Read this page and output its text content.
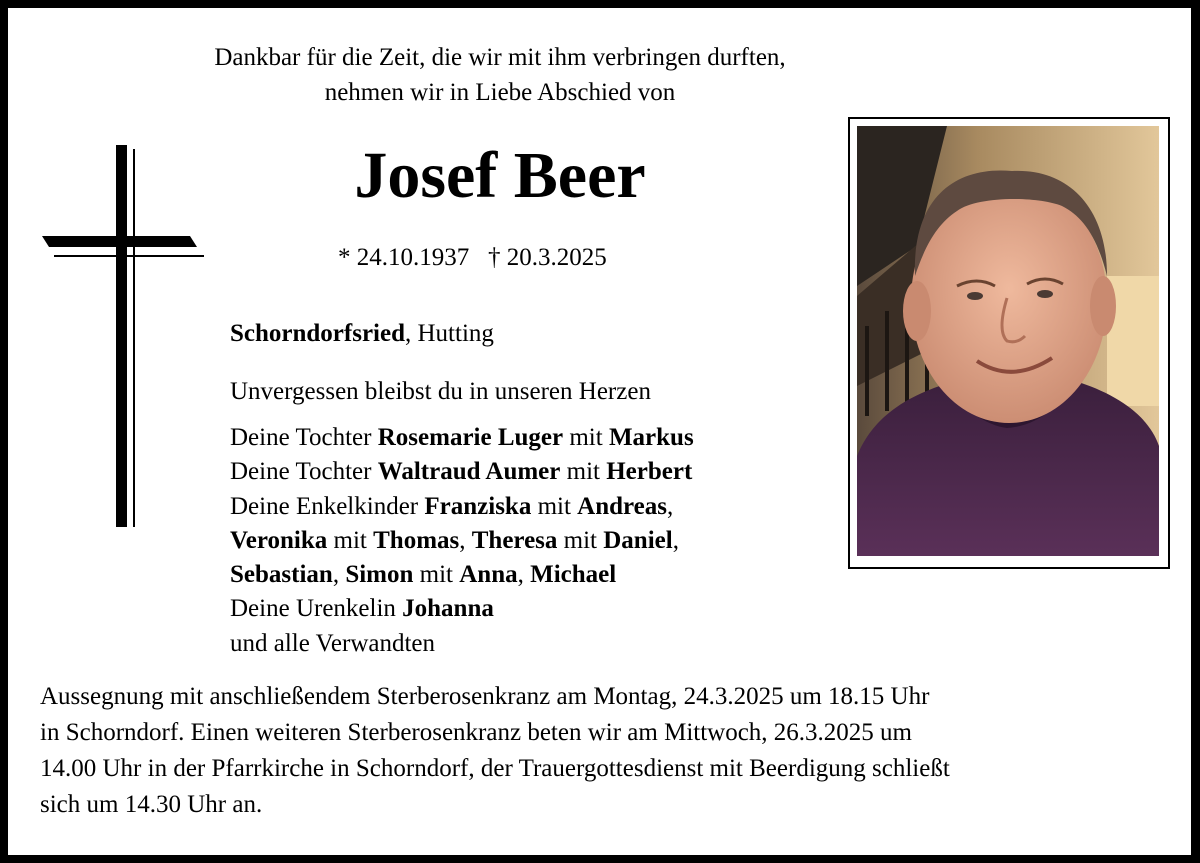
Dankbar für die Zeit, die wir mit ihm verbringen durften,
nehmen wir in Liebe Abschied von
Josef Beer
* 24.10.1937 † 20.3.2025
Schorndorfsried, Hutting
Unvergessen bleibst du in unseren Herzen
Deine Tochter Rosemarie Luger mit Markus
Deine Tochter Waltraud Aumer mit Herbert
Deine Enkelkinder Franziska mit Andreas,
Veronika mit Thomas, Theresa mit Daniel,
Sebastian, Simon mit Anna, Michael
Deine Urenkelin Johanna
und alle Verwandten
Aussegnung mit anschließendem Sterberosenkranz am Montag, 24.3.2025 um 18.15 Uhr
in Schorndorf. Einen weiteren Sterberosenkranz beten wir am Mittwoch, 26.3.2025 um
14.00 Uhr in der Pfarrkirche in Schorndorf, der Trauergottesdienst mit Beerdigung schließt
sich um 14.30 Uhr an.
